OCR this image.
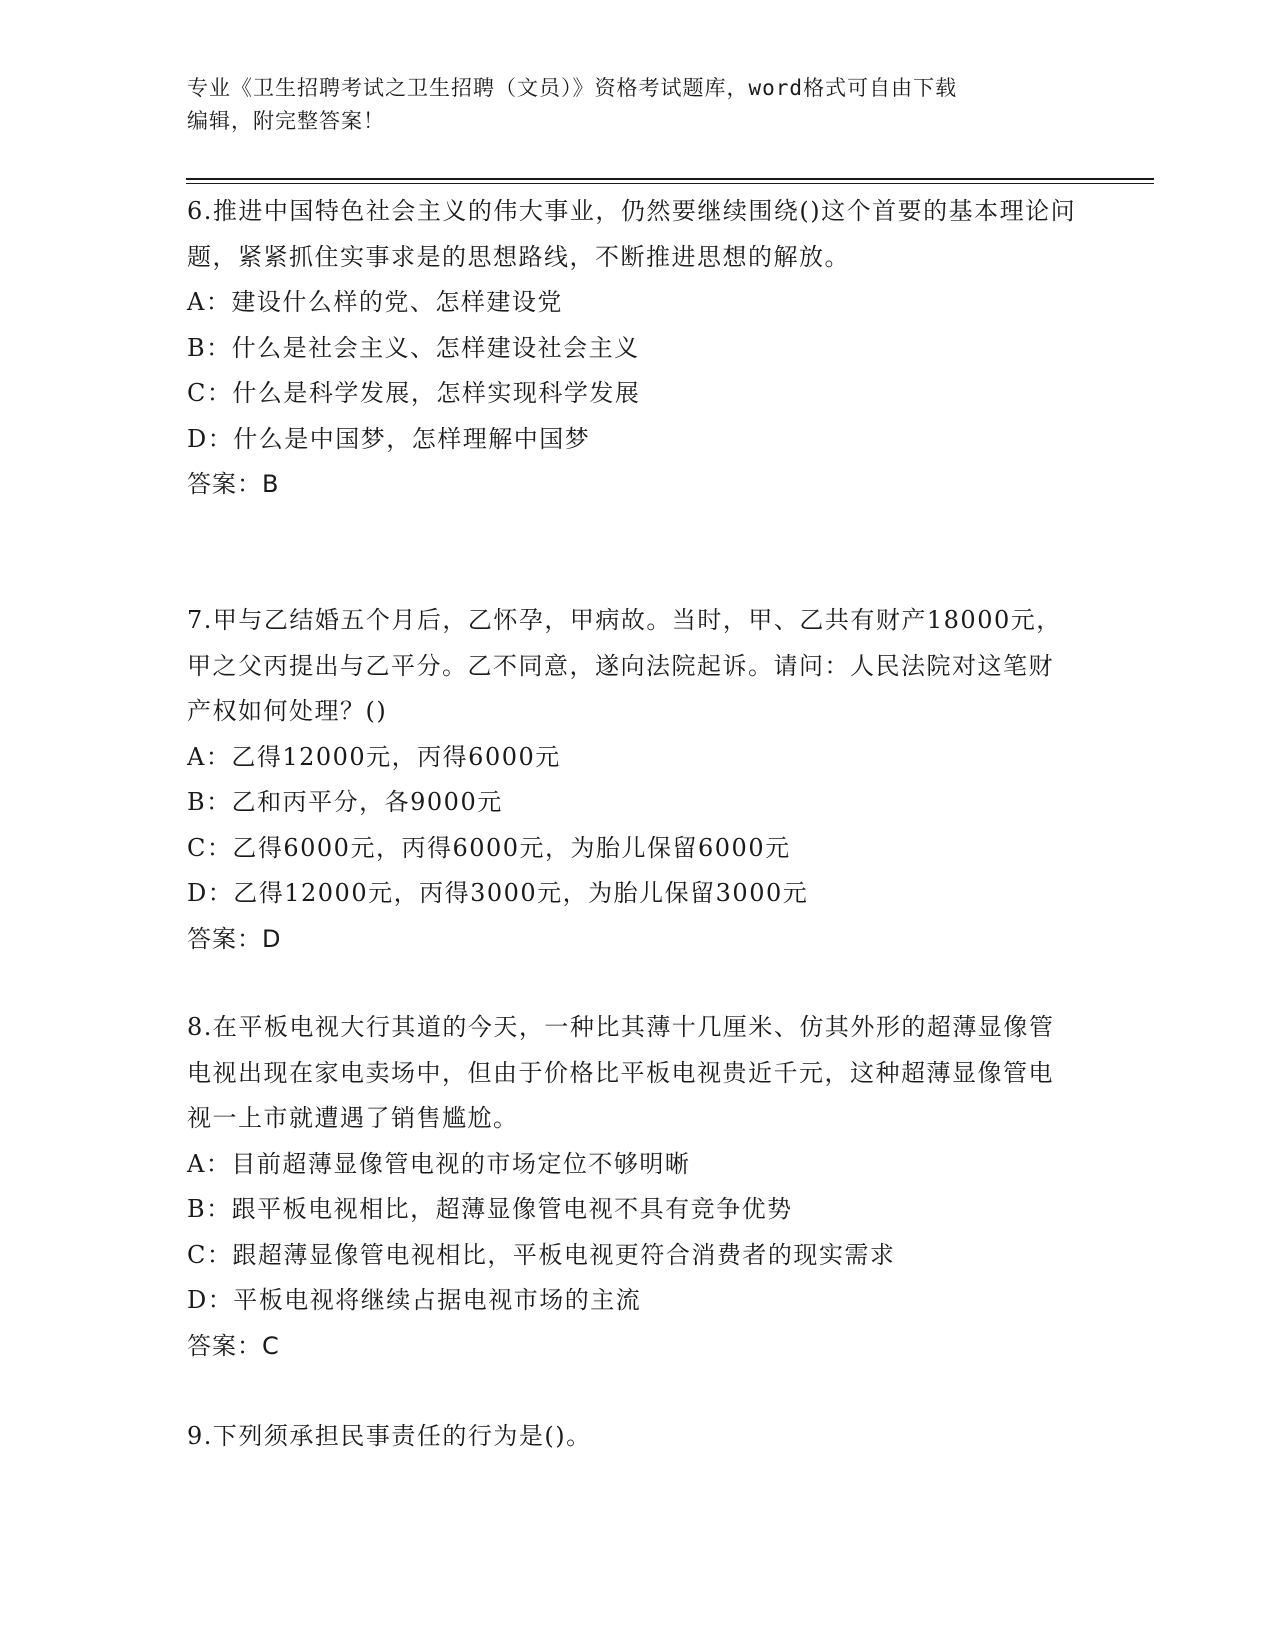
专业《卫生招聘考试之卫生招聘（文员）》资格考试题库，word格式可自由下载
编辑，附完整答案！

6.推进中国特色社会主义的伟大事业，仍然要继续围绕()这个首要的基本理论问题，紧紧抓住实事求是的思想路线，不断推进思想的解放。

A：建设什么样的党、怎样建设党

B：什么是社会主义、怎样建设社会主义

C：什么是科学发展，怎样实现科学发展

D：什么是中国梦，怎样理解中国梦

答案：B

7.甲与乙结婚五个月后，乙怀孕，甲病故。当时，甲、乙共有财产18000元，甲之父丙提出与乙平分。乙不同意，遂向法院起诉。请问：人民法院对这笔财产权如何处理？()

A：乙得12000元，丙得6000元

B：乙和丙平分，各9000元

C：乙得6000元，丙得6000元，为胎儿保留6000元

D：乙得12000元，丙得3000元，为胎儿保留3000元

答案：D

8.在平板电视大行其道的今天，一种比其薄十几厘米、仿其外形的超薄显像管电视出现在家电卖场中，但由于价格比平板电视贵近千元，这种超薄显像管电视一上市就遭遇了销售尴尬。

A：目前超薄显像管电视的市场定位不够明晰

B：跟平板电视相比，超薄显像管电视不具有竞争优势

C：跟超薄显像管电视相比，平板电视更符合消费者的现实需求

D：平板电视将继续占据电视市场的主流

答案：C

9.下列须承担民事责任的行为是()。
